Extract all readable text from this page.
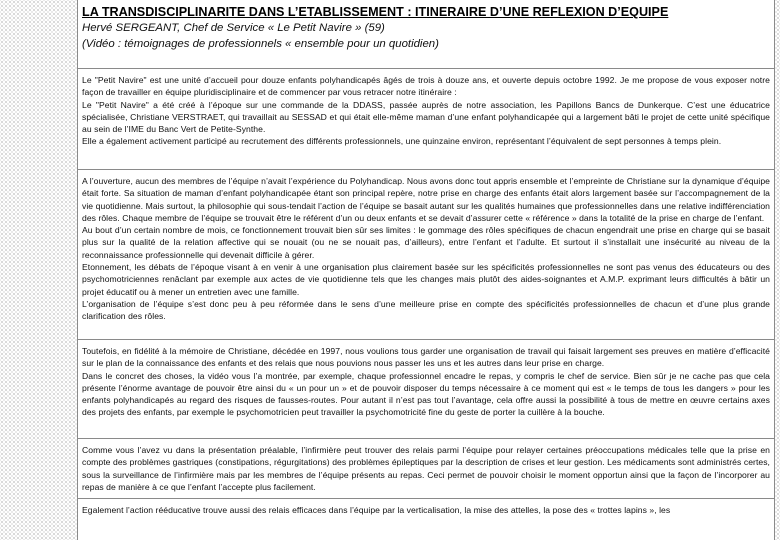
LA TRANSDISCIPLINARITE DANS L’ETABLISSEMENT : ITINERAIRE D’UNE REFLEXION D’EQUIPE
Hervé SERGEANT, Chef de Service « Le Petit Navire » (59)
(Vidéo : témoignages de professionnels « ensemble pour un quotidien)

Le "Petit Navire" est une unité d’accueil pour douze enfants polyhandicapés âgés de trois à douze ans, et ouverte depuis octobre 1992. Je me propose de vous exposer notre façon de travailler en équipe pluridisciplinaire et de commencer par vous retracer notre itinéraire :

Le "Petit Navire" a été créé à l’époque sur une commande de la DDASS, passée auprès de notre association, les Papillons Bancs de Dunkerque. C’est une éducatrice spécialisée, Christiane VERSTRAET, qui travaillait au SESSAD et qui était elle-même maman d’une enfant polyhandicapée qui a largement bâti le projet de cette unité spécifique au sein de l’IME du Banc Vert de Petite-Synthe.

Elle a également activement participé au recrutement des différents professionnels, une quinzaine environ, représentant l’équivalent de sept personnes à temps plein.

A l’ouverture, aucun des membres de l’équipe n’avait l’expérience du Polyhandicap. Nous avons donc tout appris ensemble et l’empreinte de Christiane sur la dynamique d’équipe était forte. Sa situation de maman d’enfant polyhandicapée étant son principal repère, notre prise en charge des enfants était alors largement basée sur l’accompagnement de la vie quotidienne. Mais surtout, la philosophie qui sous-tendait l’action de l’équipe se basait autant sur les qualités humaines que professionnelles dans une relative indifférenciation des rôles. Chaque membre de l’équipe se trouvait être le référent d’un ou deux enfants et se devait d’assurer cette « référence » dans la totalité de la prise en charge de l’enfant.

Au bout d’un certain nombre de mois, ce fonctionnement trouvait bien sûr ses limites : le gommage des rôles spécifiques de chacun engendrait une prise en charge qui se basait plus sur la qualité de la relation affective qui se nouait (ou ne se nouait pas, d’ailleurs), entre l’enfant et l’adulte. Et surtout il s’installait une insécurité au niveau de la reconnaissance professionnelle qui devenait difficile à gérer.

Etonnement, les débats de l’époque visant à en venir à une organisation plus clairement basée sur les spécificités professionnelles ne sont pas venus des éducateurs ou des psychomotriciennes renâclant par exemple aux actes de vie quotidienne tels que les changes mais plutôt des aides-soignantes et A.M.P. exprimant leurs difficultés à bâtir un projet éducatif ou à mener un entretien avec une famille.

L’organisation de l’équipe s’est donc peu à peu réformée dans le sens d’une meilleure prise en compte des spécificités professionnelles de chacun et d’une plus grande clarification des rôles.

Toutefois, en fidélité à la mémoire de Christiane, décédée en 1997, nous voulions tous garder une organisation de travail qui faisait largement ses preuves en matière d’efficacité sur le plan de la connaissance des enfants et des relais que nous pouvions nous passer les uns et les autres dans leur prise en charge.

Dans le concret des choses, la vidéo vous l’a montrée, par exemple, chaque professionnel encadre le repas, y compris le chef de service. Bien sûr je ne cache pas que cela présente l’énorme avantage de pouvoir être ainsi du « un pour un » et de pouvoir disposer du temps nécessaire à ce moment qui est « le temps de tous les dangers » pour les enfants polyhandicapés au regard des risques de fausses-routes. Pour autant il n’est pas tout l’avantage, cela offre aussi la possibilité à tous de mettre en œuvre certains axes des projets des enfants, par exemple le psychomotricien peut travailler la psychomotricité fine du geste de porter la cuillère à la bouche.

Comme vous l’avez vu dans la présentation préalable, l’infirmière peut trouver des relais parmi l’équipe pour relayer certaines préoccupations médicales telle que la prise en compte des problèmes gastriques (constipations, régurgitations) des problèmes épileptiques par la description de crises et leur gestion. Les médicaments sont administrés certes, sous la surveillance de l’infirmière mais par les membres de l’équipe présents au repas. Ceci permet de pouvoir choisir le moment opportun ainsi que la façon de l’incorporer au repas de manière à ce que l’enfant l’accepte plus facilement.

Egalement l’action rééducative trouve aussi des relais efficaces dans l’équipe par la verticalisation, la mise des attelles, la pose des « trottes lapins », les
